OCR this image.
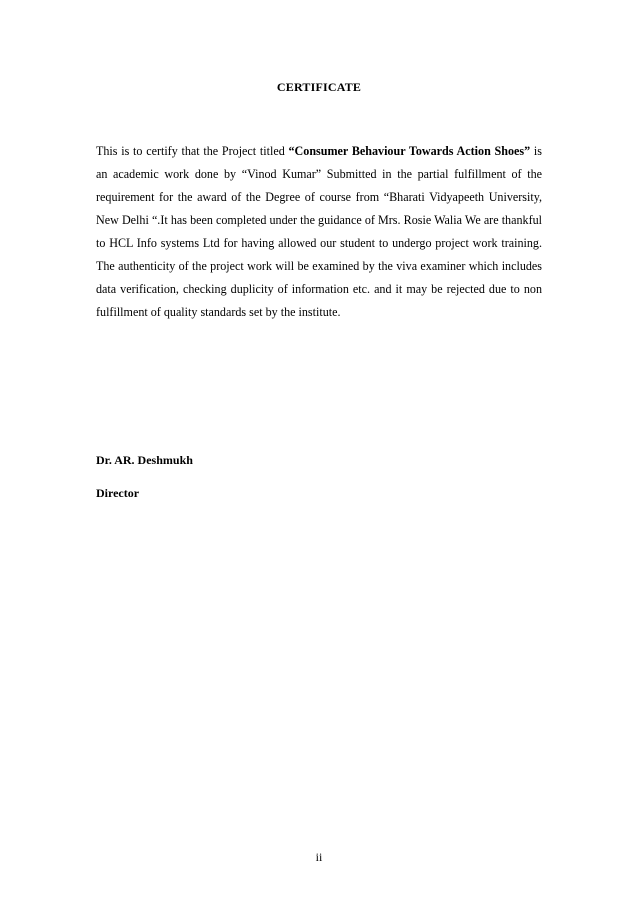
CERTIFICATE

This is to certify that the Project titled “Consumer Behaviour Towards Action Shoes” is an academic work done by “Vinod Kumar” Submitted in the partial fulfillment of the requirement for the award of the Degree of course from “Bharati Vidyapeeth University, New Delhi “.It has been completed under the guidance of Mrs. Rosie Walia We are thankful to HCL Info systems Ltd for having allowed our student to undergo project work training. The authenticity of the project work will be examined by the viva examiner which includes data verification, checking duplicity of information etc. and it may be rejected due to non fulfillment of quality standards set by the institute.

Dr. AR. Deshmukh
Director
ii
